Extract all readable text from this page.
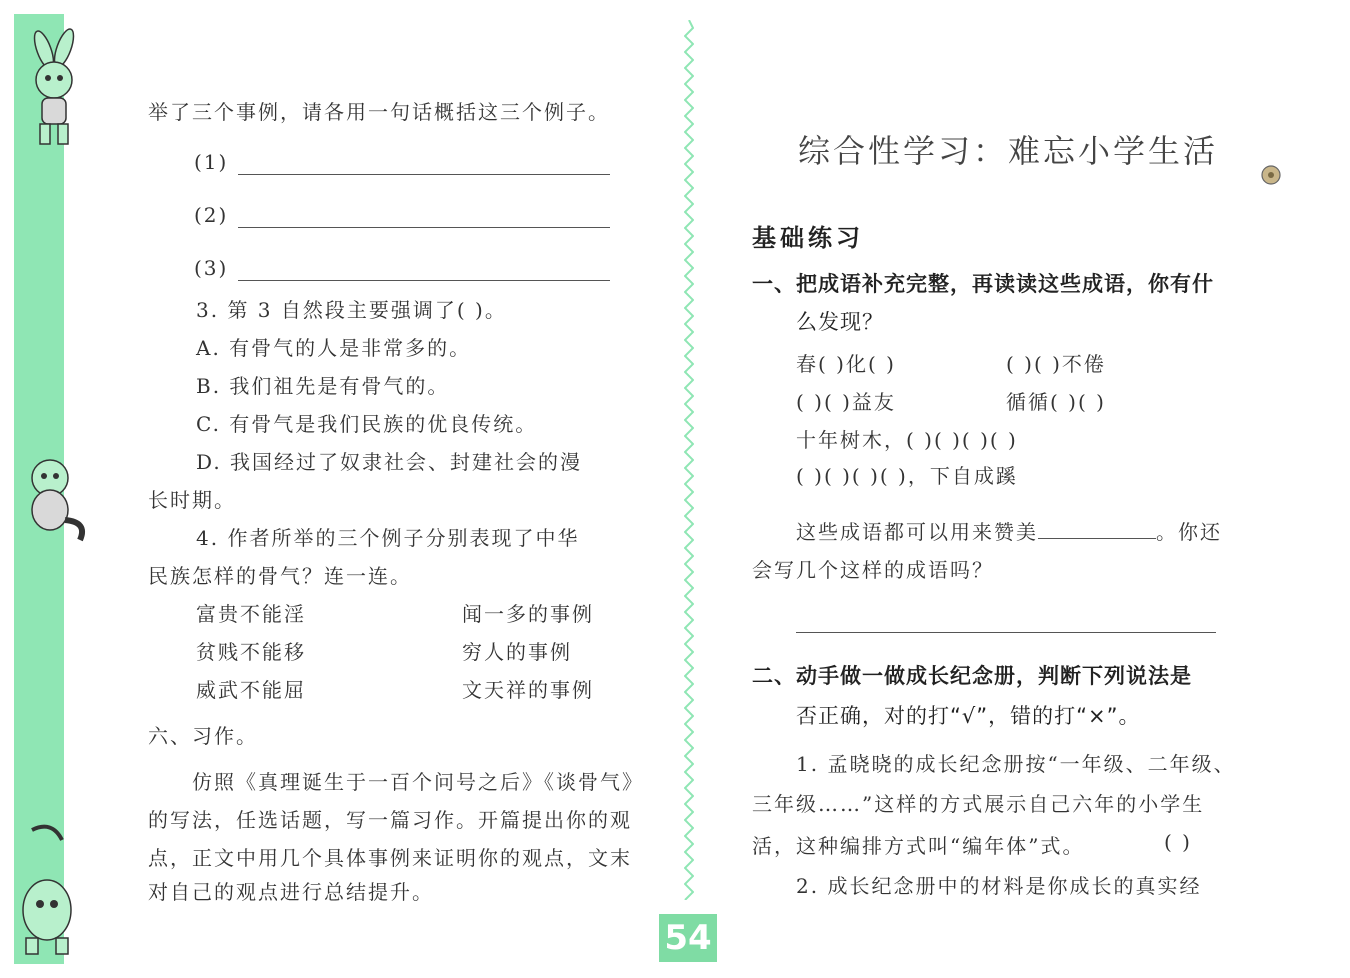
举了三个事例，请各用一句话概括这三个例子。
(1)
(2)
(3)
3. 第 3 自然段主要强调了( )。
A. 有骨气的人是非常多的。
B. 我们祖先是有骨气的。
C. 有骨气是我们民族的优良传统。
D. 我国经过了奴隶社会、封建社会的漫
长时期。
4. 作者所举的三个例子分别表现了中华
民族怎样的骨气？连一连。
富贵不能淫	闻一多的事例
贫贱不能移	穷人的事例
威武不能屈	文天祥的事例
六、习作。
仿照《真理诞生于一百个问号之后》《谈骨气》
的写法，任选话题，写一篇习作。开篇提出你的观
点，正文中用几个具体事例来证明你的观点，文末
对自己的观点进行总结提升。
综合性学习：难忘小学生活
基础练习
一、把成语补充完整，再读读这些成语，你有什
么发现？
春( )化( )	( )( )不倦
( )( )益友	循循( )( )
十年树木，( )( )( )( )
( )( )( )( )，下自成蹊
这些成语都可以用来赞美	。你还
会写几个这样的成语吗？
二、动手做一做成长纪念册，判断下列说法是
否正确，对的打“√”，错的打“×”。
1. 孟晓晓的成长纪念册按“一年级、二年级、
三年级……”这样的方式展示自己六年的小学生
活，这种编排方式叫“编年体”式。	( )
2. 成长纪念册中的材料是你成长的真实经
54
